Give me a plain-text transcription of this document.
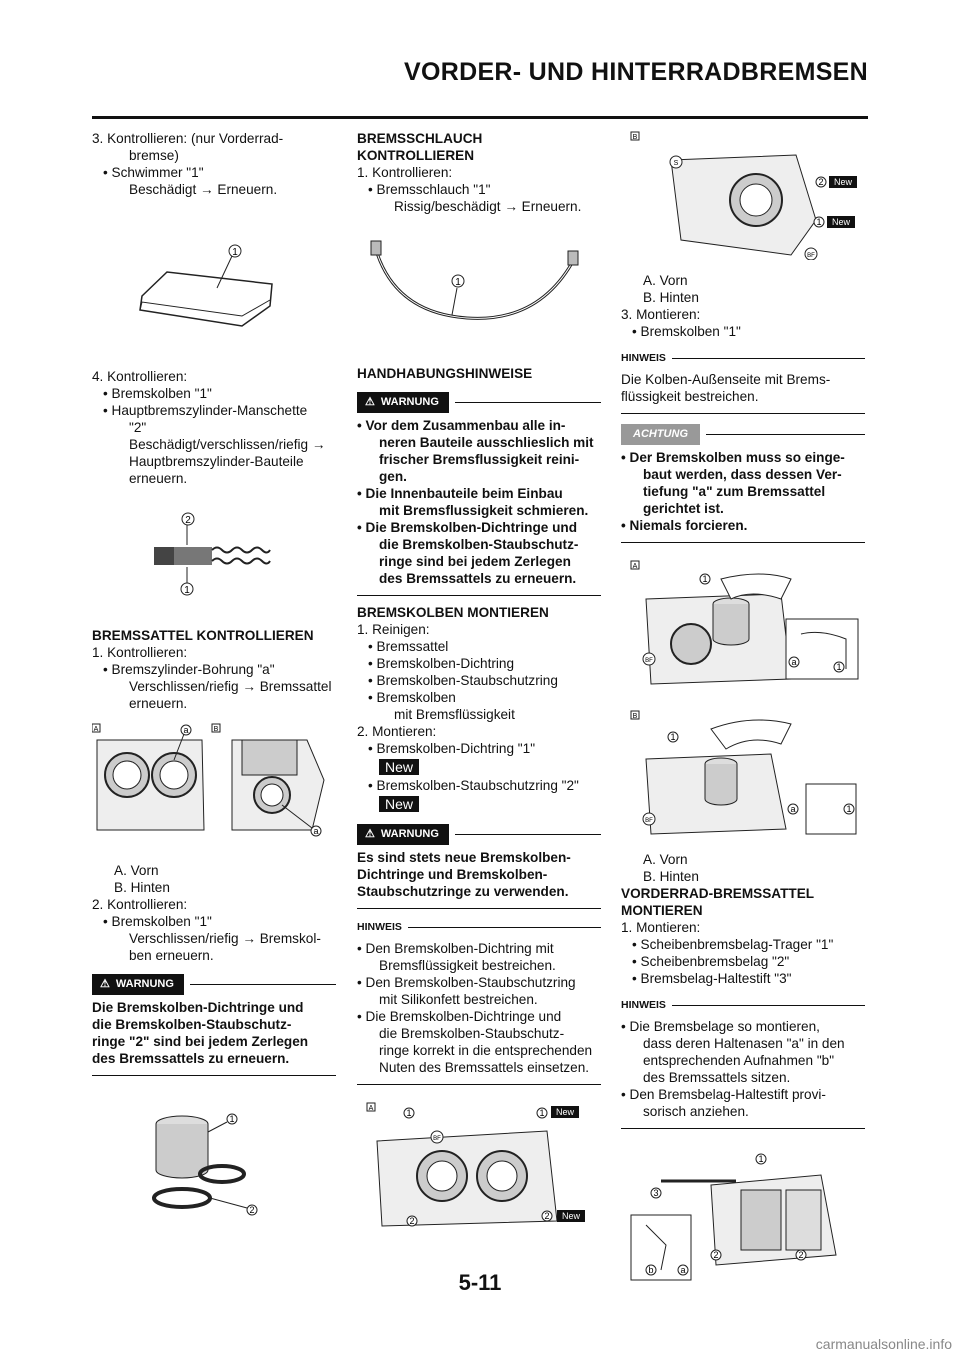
VORDER- UND HINTERRADBREMSEN

3. Kontrollieren: (nur Vorderrad-

bremse)

• Schwimmer "1"

Beschädigt → Erneuern.

1

4. Kontrollieren:

• Bremskolben "1"

• Hauptbremszylinder-Manschette

"2"

Beschädigt/verschlissen/riefig →

Hauptbremszylinder-Bauteile

erneuern.

2
1

BREMSSATTEL KONTROLLIEREN

1. Kontrollieren:

• Bremszylinder-Bohrung "a"

Verschlissen/riefig → Bremssattel

erneuern.

A	B
a
a

A. Vorn

B. Hinten

2. Kontrollieren:

• Bremskolben "1"

Verschlissen/riefig → Bremskol-

ben erneuern.

⚠ WARNUNG

Die Bremskolben-Dichtringe und

die Bremskolben-Staubschutz-

ringe "2" sind bei jedem Zerlegen

des Bremssattels zu erneuern.

1
2

BREMSSCHLAUCH

KONTROLLIEREN

1. Kontrollieren:

• Bremsschlauch "1"

Rissig/beschädigt → Erneuern.

1

HANDHABUNGSHINWEISE

⚠ WARNUNG

• Vor dem Zusammenbau alle in-

neren Bauteile ausschlieslich mit

frischer Bremsflussigkeit reini-

gen.

• Die Innenbauteile beim Einbau

mit Bremsflussigkeit schmieren.

• Die Bremskolben-Dichtringe und

die Bremskolben-Staubschutz-

ringe sind bei jedem Zerlegen

des Bremssattels zu erneuern.

BREMSKOLBEN MONTIEREN

1. Reinigen:

• Bremssattel

• Bremskolben-Dichtring

• Bremskolben-Staubschutzring

• Bremskolben

mit Bremsflüssigkeit

2. Montieren:

• Bremskolben-Dichtring "1"

New

• Bremskolben-Staubschutzring "2"

New
⚠ WARNUNG

Es sind stets neue Bremskolben-

Dichtringe und Bremskolben-

Staubschutzringe zu verwenden.

HINWEIS

• Den Bremskolben-Dichtring mit

Bremsflüssigkeit bestreichen.

• Den Bremskolben-Staubschutzring

mit Silikonfett bestreichen.

• Die Bremskolben-Dichtringe und

die Bremskolben-Staubschutz-

ringe korrekt in die entsprechenden

Nuten des Bremssattels einsetzen.

A	1	1 New
2	2 New
BF
B
2 New
1 New
BF
S

A. Vorn

B. Hinten

3. Montieren:

• Bremskolben "1"

HINWEIS

Die Kolben-Außenseite mit Brems-

flüssigkeit bestreichen.

ACHTUNG

• Der Bremskolben muss so einge-

baut werden, dass dessen Ver-

tiefung "a" zum Bremssattel

gerichtet ist.

• Niemals forcieren.

A
1
BF	a	1

B
1
BF
a	1

A. Vorn

B. Hinten

VORDERRAD-BREMSSATTEL

MONTIEREN

1. Montieren:

• Scheibenbremsbelag-Trager "1"

• Scheibenbremsbelag "2"

• Bremsbelag-Haltestift "3"

HINWEIS

• Die Bremsbelage so montieren,

dass deren Haltenasen "a" in den

entsprechenden Aufnahmen "b"

des Bremssattels sitzen.

• Den Bremsbelag-Haltestift provi-

sorisch anziehen.

3
1
2	2
b	a
5-11
carmanualsonline.info
